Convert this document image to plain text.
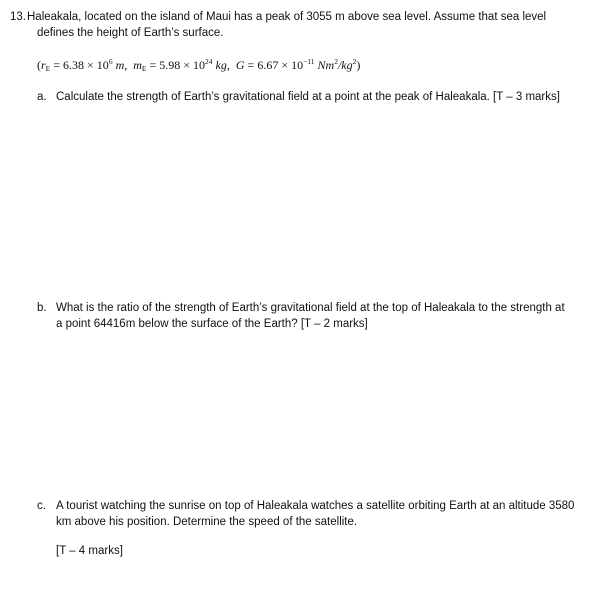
13. Haleakala, located on the island of Maui has a peak of 3055 m above sea level. Assume that sea level
defines the height of Earth’s surface.
($r_E = 6.38 \times 10^6$ m, $m_E = 5.98 \times 10^{24}$ kg, $G = 6.67 \times 10^{-11}$ $Nm^2/kg^2$)
a. Calculate the strength of Earth’s gravitational field at a point at the peak of Haleakala. [T – 3 marks]
b. What is the ratio of the strength of Earth’s gravitational field at the top of Haleakala to the strength at
a point 64416m below the surface of the Earth? [T – 2 marks]
c. A tourist watching the sunrise on top of Haleakala watches a satellite orbiting Earth at an altitude 3580
km above his position. Determine the speed of the satellite.
[T – 4 marks]
